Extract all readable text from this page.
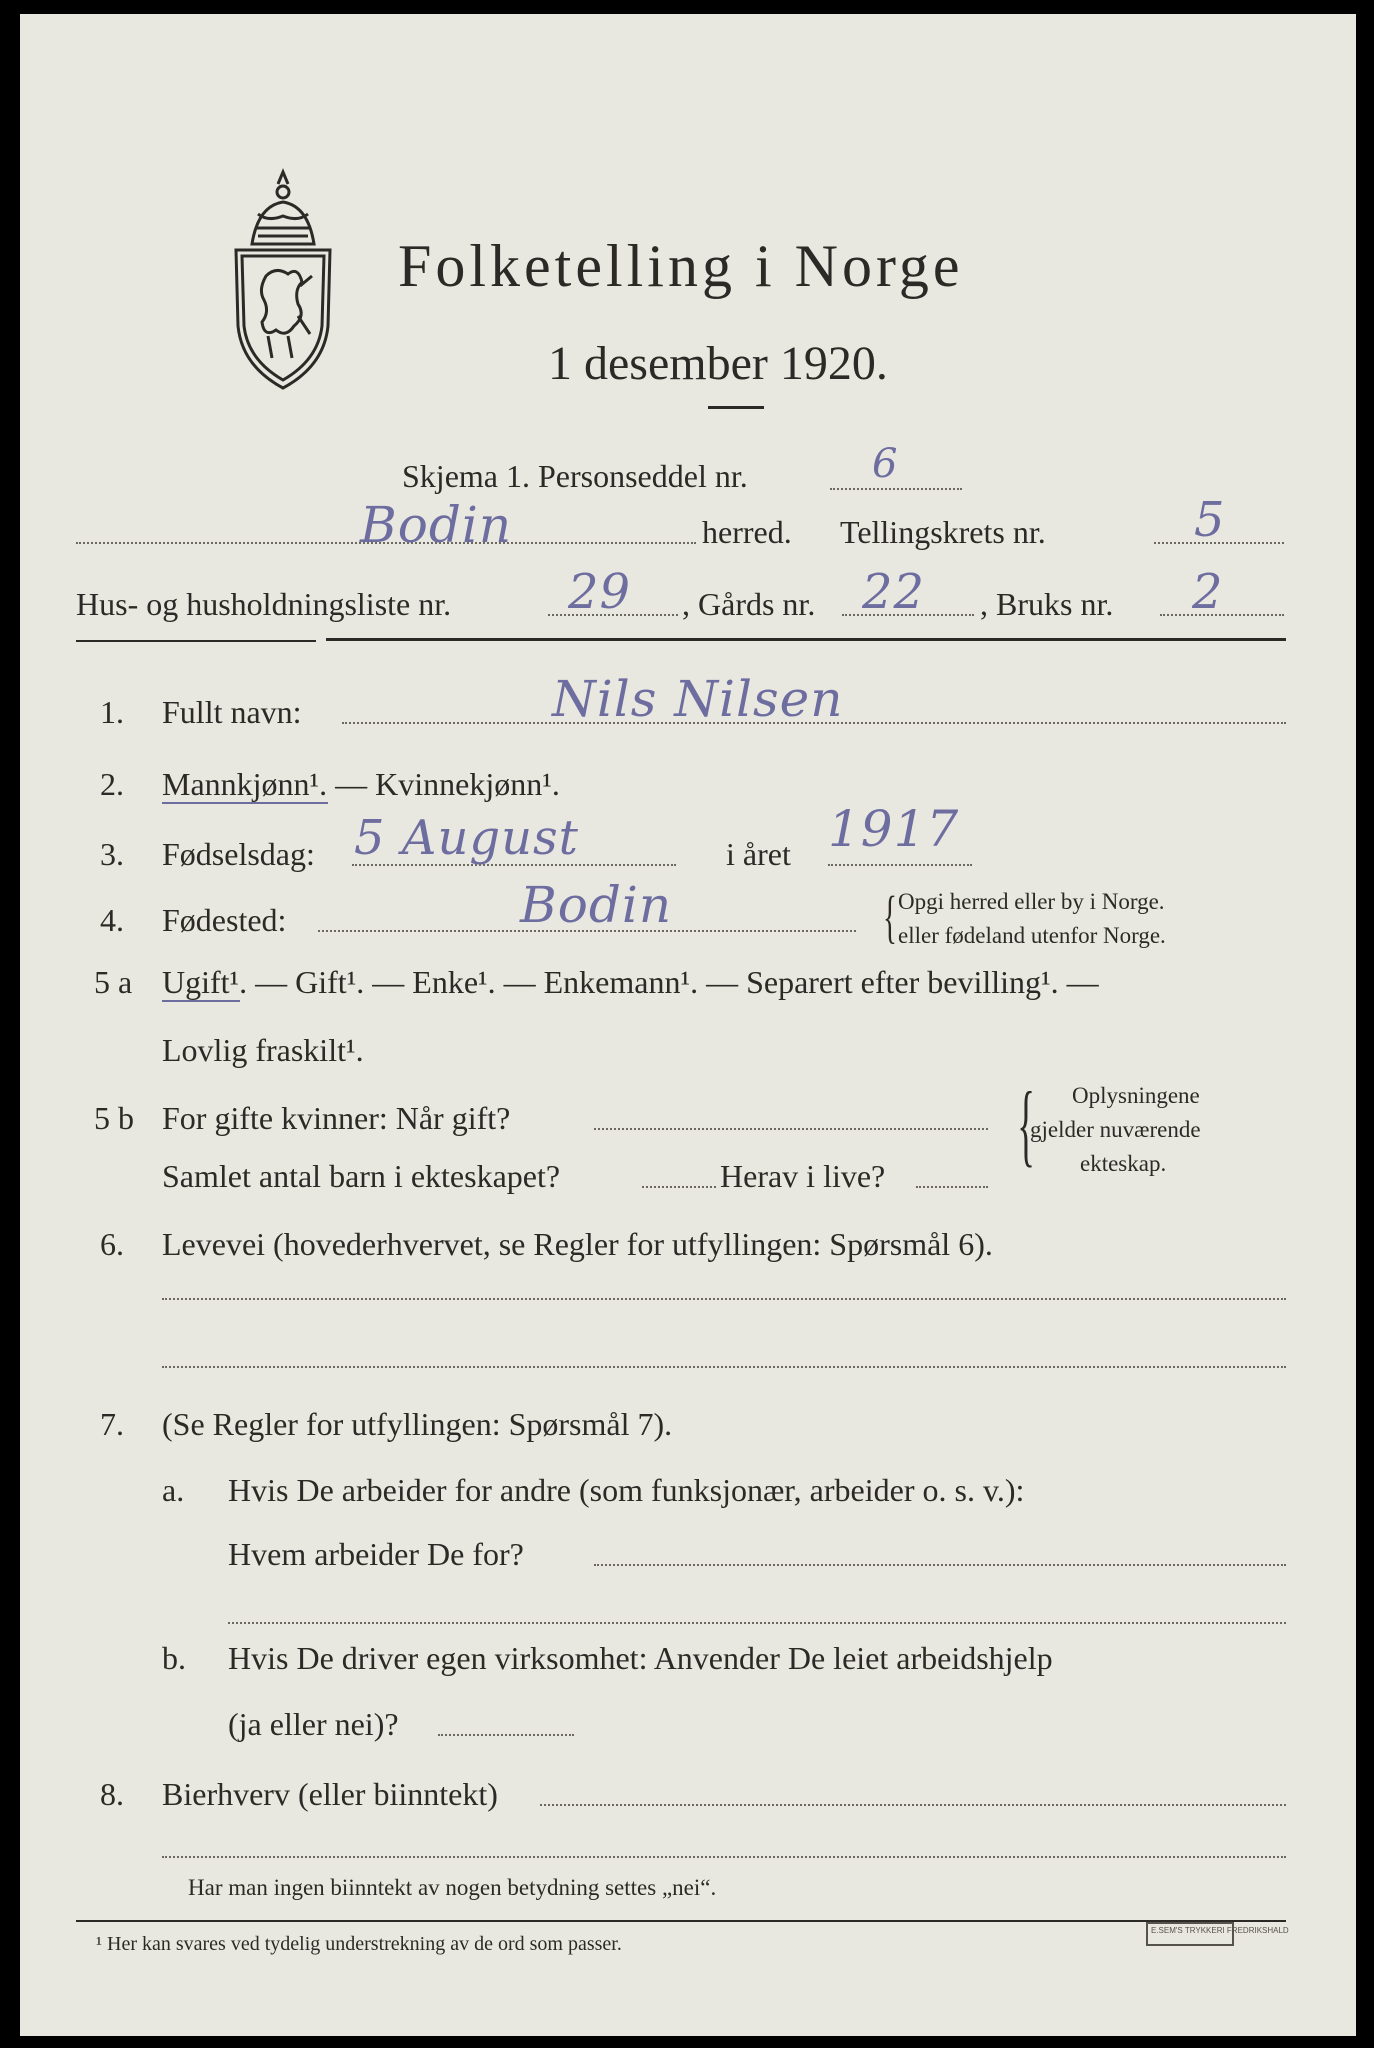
Folketelling i Norge
1 desember 1920.
Skjema 1. Personseddel nr.	6
Bodin	herred. Tellingskrets nr.	5
Hus- og husholdningsliste nr. 29 , Gårds nr. 22 , Bruks nr. 2
1. Fullt navn:	Nils Nilsen
2. Mannkjønn¹. — Kvinnekjønn¹.
3. Fødselsdag: 5 August	i året 1917
4. Fødested:	Bodin	{ Opgi herred eller by i Norge.
eller fødeland utenfor Norge.
5 a Ugift¹. — Gift¹. — Enke¹. — Enkemann¹. — Separert efter bevilling¹. —
Lovlig fraskilt¹.
5 b For gifte kvinner: Når gift?
Samlet antal barn i ekteskapet?	Herav i live?
{ Oplysningene
gjelder nuværende
ekteskap.
6. Levevei (hovederhvervet, se Regler for utfyllingen: Spørsmål 6).
7. (Se Regler for utfyllingen: Spørsmål 7).
a. Hvis De arbeider for andre (som funksjonær, arbeider o. s. v.):
Hvem arbeider De for?
b. Hvis De driver egen virksomhet: Anvender De leiet arbeidshjelp
(ja eller nei)?
8. Bierhverv (eller biinntekt)
Har man ingen biinntekt av nogen betydning settes „nei“.
¹ Her kan svares ved tydelig understrekning av de ord som passer.
E.SEM'S TRYKKERI FREDRIKSHALD
